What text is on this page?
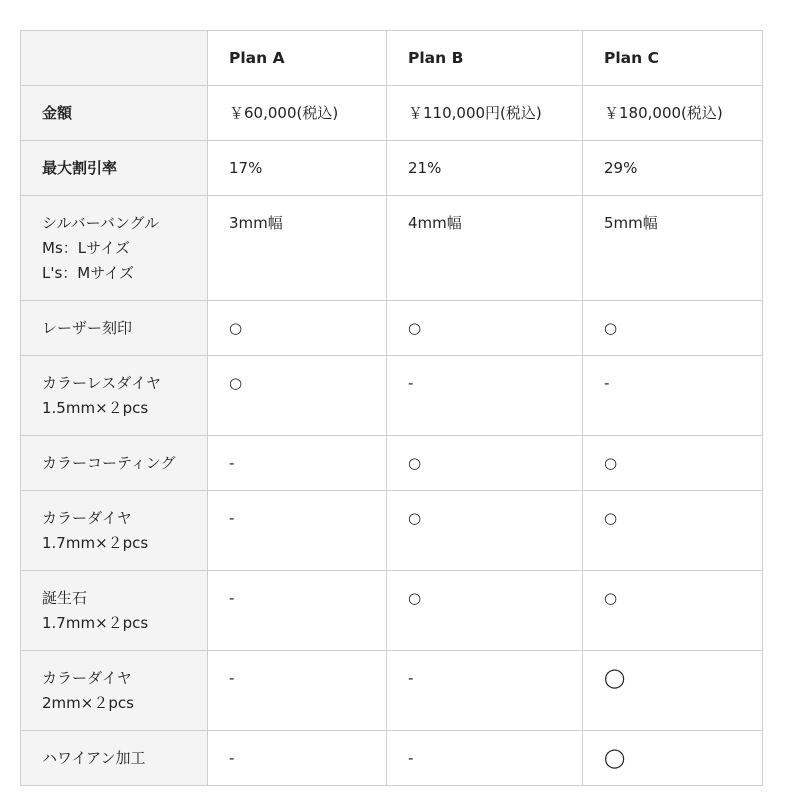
	Plan A	Plan B	Plan C

金額	￥60,000(税込)	￥110,000円(税込)	￥180,000(税込)

最大割引率	17%	21%	29%

シルバーバングル
Ms：Lサイズ
L's：Mサイズ	3mm幅	4mm幅	5mm幅

レーザー刻印	○	○	○

カラーレスダイヤ
1.5mm×２pcs	○	-	-

カラーコーティング	-	○	○

カラーダイヤ
1.7mm×２pcs	-	○	○

誕生石
1.7mm×２pcs	-	○	○

カラーダイヤ
2mm×２pcs	-	-	◯

ハワイアン加工	-	-	◯
